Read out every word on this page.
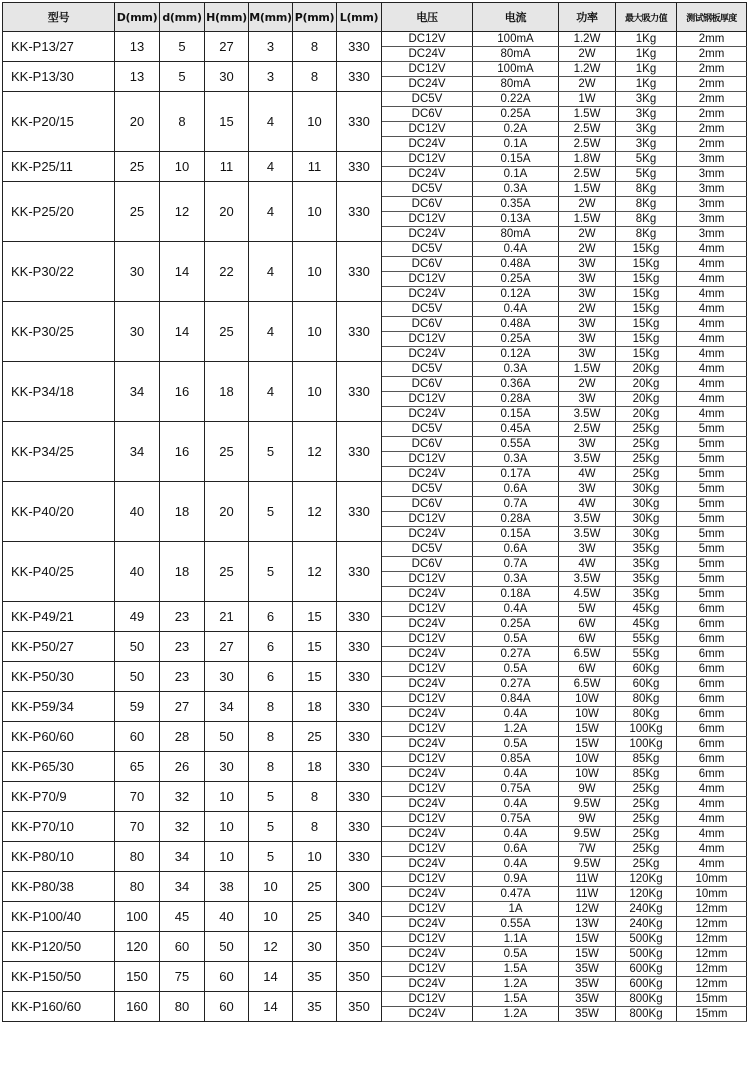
型号	D(mm)	d(mm)	H(mm)	M(mm)	P(mm)	L(mm)	电压	电流	功率	最大吸力值	测试钢板厚度
KK-P13/27	13	5	27	3	8	330	DC12V	100mA	1.2W	1Kg	2mm
							DC24V	80mA	2W	1Kg	2mm
KK-P13/30	13	5	30	3	8	330	DC12V	100mA	1.2W	1Kg	2mm
							DC24V	80mA	2W	1Kg	2mm
KK-P20/15	20	8	15	4	10	330	DC5V	0.22A	1W	3Kg	2mm
							DC6V	0.25A	1.5W	3Kg	2mm
							DC12V	0.2A	2.5W	3Kg	2mm
							DC24V	0.1A	2.5W	3Kg	2mm
KK-P25/11	25	10	11	4	11	330	DC12V	0.15A	1.8W	5Kg	3mm
							DC24V	0.1A	2.5W	5Kg	3mm
KK-P25/20	25	12	20	4	10	330	DC5V	0.3A	1.5W	8Kg	3mm
							DC6V	0.35A	2W	8Kg	3mm
							DC12V	0.13A	1.5W	8Kg	3mm
							DC24V	80mA	2W	8Kg	3mm
KK-P30/22	30	14	22	4	10	330	DC5V	0.4A	2W	15Kg	4mm
							DC6V	0.48A	3W	15Kg	4mm
							DC12V	0.25A	3W	15Kg	4mm
							DC24V	0.12A	3W	15Kg	4mm
KK-P30/25	30	14	25	4	10	330	DC5V	0.4A	2W	15Kg	4mm
							DC6V	0.48A	3W	15Kg	4mm
							DC12V	0.25A	3W	15Kg	4mm
							DC24V	0.12A	3W	15Kg	4mm
KK-P34/18	34	16	18	4	10	330	DC5V	0.3A	1.5W	20Kg	4mm
							DC6V	0.36A	2W	20Kg	4mm
							DC12V	0.28A	3W	20Kg	4mm
							DC24V	0.15A	3.5W	20Kg	4mm
KK-P34/25	34	16	25	5	12	330	DC5V	0.45A	2.5W	25Kg	5mm
							DC6V	0.55A	3W	25Kg	5mm
							DC12V	0.3A	3.5W	25Kg	5mm
							DC24V	0.17A	4W	25Kg	5mm
KK-P40/20	40	18	20	5	12	330	DC5V	0.6A	3W	30Kg	5mm
							DC6V	0.7A	4W	30Kg	5mm
							DC12V	0.28A	3.5W	30Kg	5mm
							DC24V	0.15A	3.5W	30Kg	5mm
KK-P40/25	40	18	25	5	12	330	DC5V	0.6A	3W	35Kg	5mm
							DC6V	0.7A	4W	35Kg	5mm
							DC12V	0.3A	3.5W	35Kg	5mm
							DC24V	0.18A	4.5W	35Kg	5mm
KK-P49/21	49	23	21	6	15	330	DC12V	0.4A	5W	45Kg	6mm
							DC24V	0.25A	6W	45Kg	6mm
KK-P50/27	50	23	27	6	15	330	DC12V	0.5A	6W	55Kg	6mm
							DC24V	0.27A	6.5W	55Kg	6mm
KK-P50/30	50	23	30	6	15	330	DC12V	0.5A	6W	60Kg	6mm
							DC24V	0.27A	6.5W	60Kg	6mm
KK-P59/34	59	27	34	8	18	330	DC12V	0.84A	10W	80Kg	6mm
							DC24V	0.4A	10W	80Kg	6mm
KK-P60/60	60	28	50	8	25	330	DC12V	1.2A	15W	100Kg	6mm
							DC24V	0.5A	15W	100Kg	6mm
KK-P65/30	65	26	30	8	18	330	DC12V	0.85A	10W	85Kg	6mm
							DC24V	0.4A	10W	85Kg	6mm
KK-P70/9	70	32	10	5	8	330	DC12V	0.75A	9W	25Kg	4mm
							DC24V	0.4A	9.5W	25Kg	4mm
KK-P70/10	70	32	10	5	8	330	DC12V	0.75A	9W	25Kg	4mm
							DC24V	0.4A	9.5W	25Kg	4mm
KK-P80/10	80	34	10	5	10	330	DC12V	0.6A	7W	25Kg	4mm
							DC24V	0.4A	9.5W	25Kg	4mm
KK-P80/38	80	34	38	10	25	300	DC12V	0.9A	11W	120Kg	10mm
							DC24V	0.47A	11W	120Kg	10mm
KK-P100/40	100	45	40	10	25	340	DC12V	1A	12W	240Kg	12mm
							DC24V	0.55A	13W	240Kg	12mm
KK-P120/50	120	60	50	12	30	350	DC12V	1.1A	15W	500Kg	12mm
							DC24V	0.5A	15W	500Kg	12mm
KK-P150/50	150	75	60	14	35	350	DC12V	1.5A	35W	600Kg	12mm
							DC24V	1.2A	35W	600Kg	12mm
KK-P160/60	160	80	60	14	35	350	DC12V	1.5A	35W	800Kg	15mm
							DC24V	1.2A	35W	800Kg	15mm
